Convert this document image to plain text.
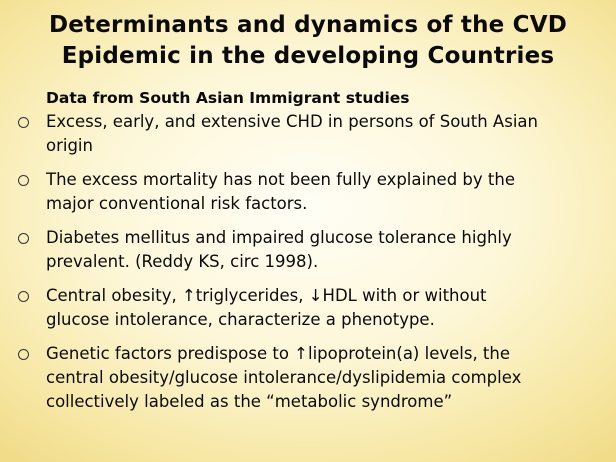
Determinants and dynamics of the CVD
Epidemic in the developing Countries
Data from South Asian Immigrant studies
Excess, early, and extensive CHD in persons of South Asian
origin
The excess mortality has not been fully explained by the
major conventional risk factors.
Diabetes mellitus and impaired glucose tolerance highly
prevalent. (Reddy KS, circ 1998).
Central obesity, ↑triglycerides, ↓HDL with or without
glucose intolerance, characterize a phenotype.
Genetic factors predispose to ↑lipoprotein(a) levels, the
central obesity/glucose intolerance/dyslipidemia complex
collectively labeled as the “metabolic syndrome”
